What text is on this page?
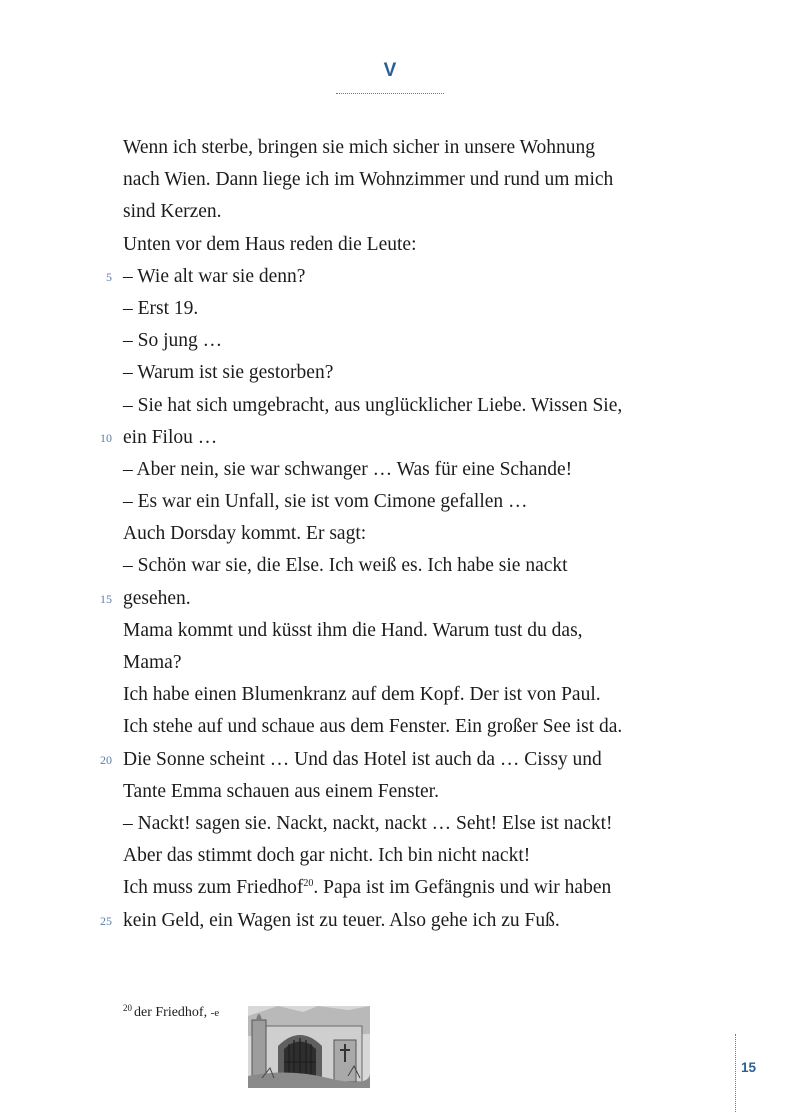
V
Wenn ich sterbe, bringen sie mich sicher in unsere Wohnung
nach Wien. Dann liege ich im Wohnzimmer und rund um mich
sind Kerzen.
Unten vor dem Haus reden die Leute:
5 – Wie alt war sie denn?
– Erst 19.
– So jung …
– Warum ist sie gestorben?
– Sie hat sich umgebracht, aus unglücklicher Liebe. Wissen Sie,
10 ein Filou …
– Aber nein, sie war schwanger … Was für eine Schande!
– Es war ein Unfall, sie ist vom Cimone gefallen …
Auch Dorsday kommt. Er sagt:
– Schön war sie, die Else. Ich weiß es. Ich habe sie nackt
15 gesehen.
Mama kommt und küsst ihm die Hand. Warum tust du das,
Mama?
Ich habe einen Blumenkranz auf dem Kopf. Der ist von Paul.
Ich stehe auf und schaue aus dem Fenster. Ein großer See ist da.
20 Die Sonne scheint … Und das Hotel ist auch da … Cissy und
Tante Emma schauen aus einem Fenster.
– Nackt! sagen sie. Nackt, nackt, nackt … Seht! Else ist nackt!
Aber das stimmt doch gar nicht. Ich bin nicht nackt!
Ich muss zum Friedhof$^{20}$. Papa ist im Gefängnis und wir haben
25 kein Geld, ein Wagen ist zu teuer. Also gehe ich zu Fuß.
$^{20}$ der Friedhof, -e
15
